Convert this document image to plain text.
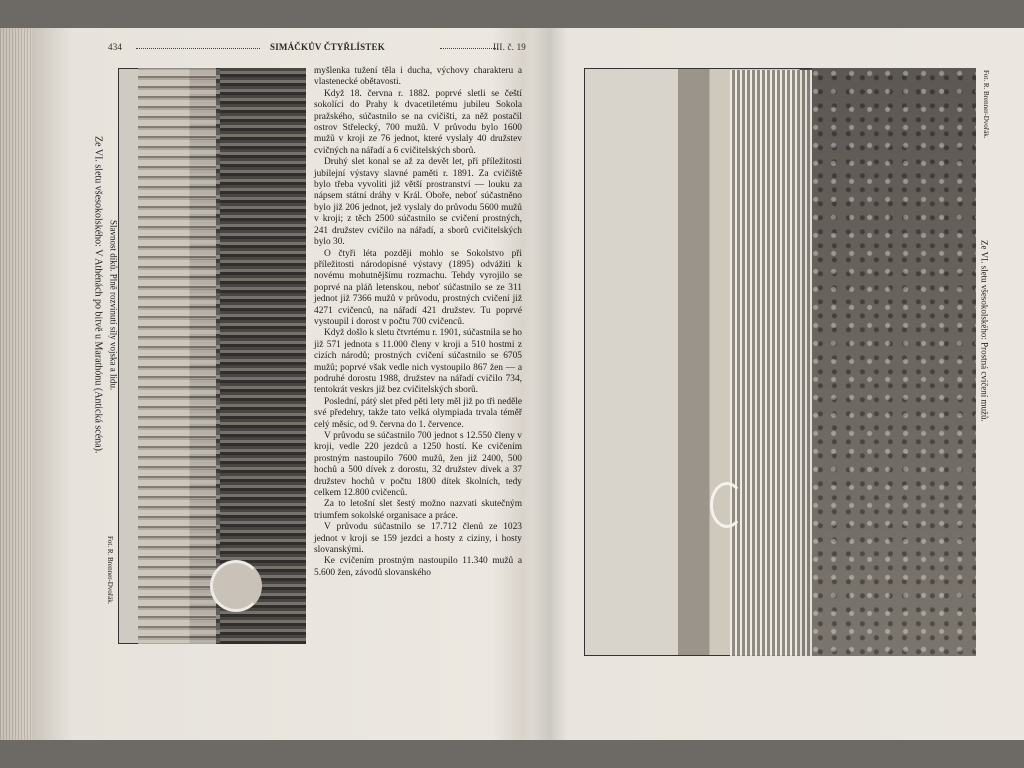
434	SIMÁČKŮV ČTYŘLÍSTEK	III. č. 19
Ze VI. sletu všesokolského: V Athénách po bitvě u Marathónu (Antická scéna). Slavnost díků. Plně rozvinutí síly vojska a lidu.
Fot. R. Brenner-Dvořák.

myšlenka tužení těla i ducha, výchovy charakteru a vlastenecké obětavosti.

Když 18. června r. 1882. poprvé sletli se čeští sokolíci do Prahy k dvacetiletému jubileu Sokola pražského, súčastnilo se na cvičišti, za něž postačil ostrov Střelecký, 700 mužů. V průvodu bylo 1600 mužů v kroji ze 76 jednot, které vyslaly 40 družstev cvičných na nářadí a 6 cvičitelských sborů.

Druhý slet konal se až za devět let, při příležitosti jubilejní výstavy slavné paměti r. 1891. Za cvičiště bylo třeba vyvoliti již větší prostranství — louku za nápsem státní dráhy v Král. Oboře, neboť súčastněno bylo již 206 jednot, jež vyslaly do průvodu 5600 mužů v kroji; z těch 2500 súčastnilo se cvičení prostných, 241 družstev cvičilo na nářadí, a sborů cvičitelských bylo 30.

O čtyři léta později mohlo se Sokolstvo při příležitosti národopisné výstavy (1895) odvážiti k novému mohutnějšímu rozmachu. Tehdy vyrojilo se poprvé na pláň letenskou, neboť súčastnilo se ze 311 jednot již 7366 mužů v průvodu, prostných cvičení již 4271 cvičenců, na nářadí 421 družstev. Tu poprvé vystoupil i dorost v počtu 700 cvičenců.

Když došlo k sletu čtvrtému r. 1901, súčastnila se ho již 571 jednota s 11.000 členy v kroji a 510 hostmi z cizích národů; prostných cvičení súčastnilo se 6705 mužů; poprvé však vedle nich vystoupilo 867 žen — a podruhé dorostu 1988, družstev na nářadí cvičilo 734, tentokrát veskrs již bez cvičitelských sborů.

Poslední, pátý slet před pěti lety měl již po tři neděle své předehry, takže tato velká olympiada trvala téměř celý měsíc, od 9. června do 1. července.

V průvodu se súčastnilo 700 jednot s 12.550 členy v kroji, vedle 220 jezdců a 1250 hostí. Ke cvičením prostným nastoupilo 7600 mužů, žen již 2400, 500 hochů a 500 dívek z dorostu, 32 družstev dívek a 37 družstev hochů v počtu 1800 dítek školních, tedy celkem 12.800 cvičenců.

Za to letošní slet šestý možno nazvati skutečným triumfem sokolské organisace a práce.

V průvodu súčastnilo se 17.712 členů ze 1023 jednot v kroji se 159 jezdci a hosty z ciziny, i hosty slovanskými.

Ke cvičením prostným nastoupilo 11.340 mužů a 5.600 žen, závodů slovanského

Ze VI. sletu všesokolského: Prostná cvičení mužů.
Fot. R. Brenner-Dvořák.
